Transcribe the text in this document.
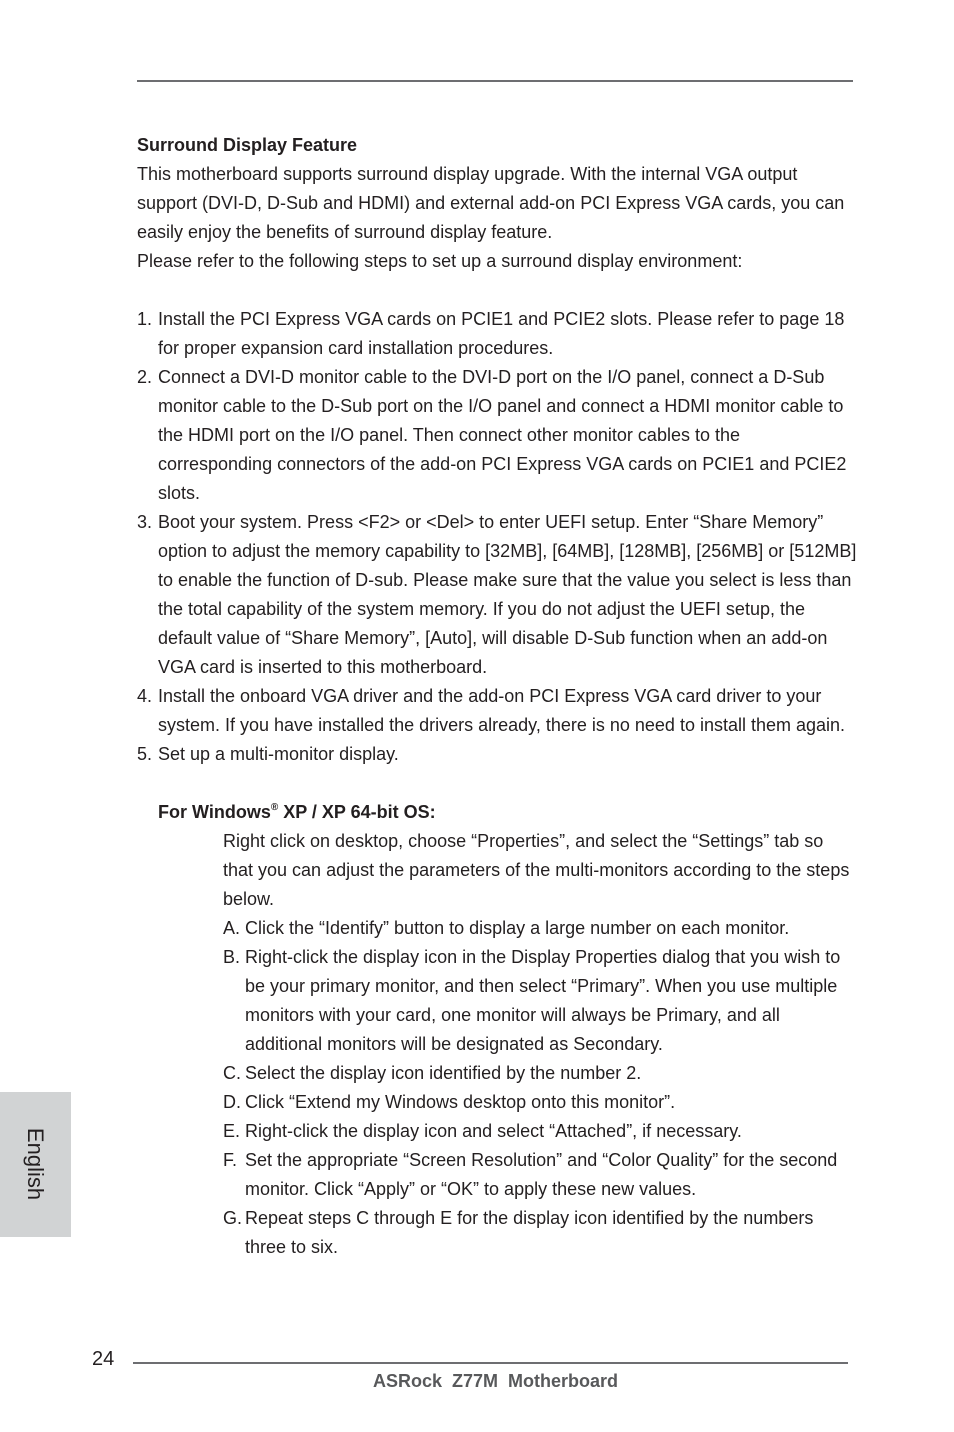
Surround Display Feature

This motherboard supports surround display upgrade. With the internal VGA output support (DVI-D, D-Sub and HDMI) and external add-on PCI Express VGA cards, you can easily enjoy the benefits of surround display feature.

Please refer to the following steps to set up a surround display environment:

1. Install the PCI Express VGA cards on PCIE1 and PCIE2 slots. Please refer to page 18 for proper expansion card installation procedures.
2. Connect a DVI-D monitor cable to the DVI-D port on the I/O panel, connect a D-Sub monitor cable to the D-Sub port on the I/O panel and connect a HDMI monitor cable to the HDMI port on the I/O panel. Then connect other monitor cables to the corresponding connectors of the add-on PCI Express VGA cards on PCIE1 and PCIE2 slots.
3. Boot your system. Press <F2> or <Del> to enter UEFI setup. Enter “Share Memory” option to adjust the memory capability to [32MB], [64MB], [128MB], [256MB] or [512MB] to enable the function of D-sub. Please make sure that the value you select is less than the total capability of the system memory. If you do not adjust the UEFI setup, the default value of “Share Memory”, [Auto], will disable D-Sub function when an add-on VGA card is inserted to this motherboard.
4. Install the onboard VGA driver and the add-on PCI Express VGA card driver to your system. If you have installed the drivers already, there is no need to install them again.
5. Set up a multi-monitor display.

For Windows® XP / XP 64-bit OS:

Right click on desktop, choose “Properties”, and select the “Settings” tab so that you can adjust the parameters of the multi-monitors according to the steps below.

A. Click the “Identify” button to display a large number on each monitor.
B. Right-click the display icon in the Display Properties dialog that you wish to be your primary monitor, and then select “Primary”. When you use multiple monitors with your card, one monitor will always be Primary, and all additional monitors will be designated as Secondary.
C. Select the display icon identified by the number 2.
D. Click “Extend my Windows desktop onto this monitor”.
E. Right-click the display icon and select “Attached”, if necessary.
F. Set the appropriate “Screen Resolution” and “Color Quality” for the second monitor. Click “Apply” or “OK” to apply these new values.
G. Repeat steps C through E for the display icon identified by the numbers three to six.
English
24
ASRock  Z77M  Motherboard
